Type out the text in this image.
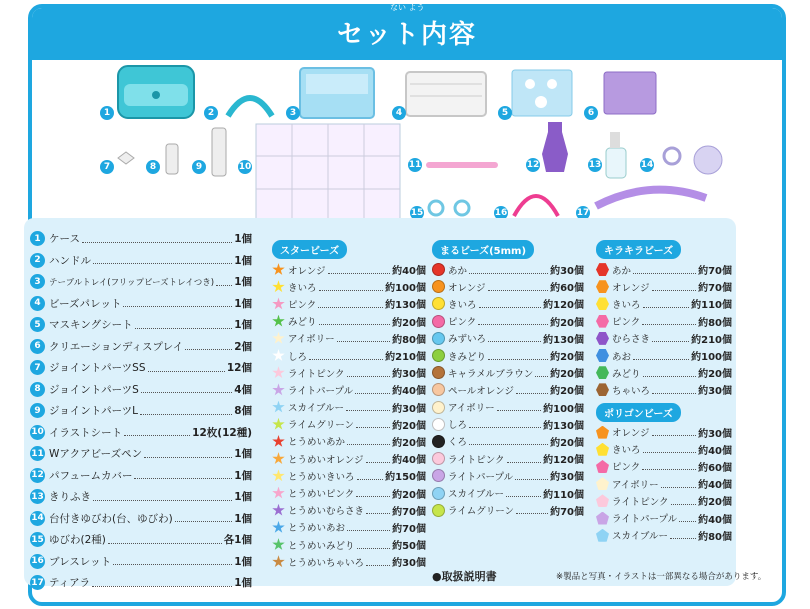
ない よう
セット内容
1	2	3	4	5	6
7	8	9	10	11	12	13	14
15	16	17
1 ケース	1個
2 ハンドル	1個
3 テーブルトレイ(フリップビーズトレイつき) 1個
4 ビーズパレット	1個
5 マスキングシート	1個
6 クリエーションディスプレイ	2個
7 ジョイントパーツSS	12個
8 ジョイントパーツS	4個
9 ジョイントパーツL	8個
10 イラストシート	12枚(12種)
11 Wアクアビーズペン	1個
12 パフュームカバー	1個
13 きりふき	1個
14 台付きゆびわ(台、ゆびわ)	1個
15 ゆびわ(2種)	各1個
16 ブレスレット	1個
17 ティアラ	1個
スタービーズ
オレンジ	約40個
きいろ	約100個
ピンク	約130個
みどり	約20個
アイボリー	約80個
しろ	約210個
ライトピンク	約30個
ライトパープル	約40個
スカイブルー	約30個
ライムグリーン	約20個
とうめいあか	約20個
とうめいオレンジ	約40個
とうめいきいろ	約150個
とうめいピンク	約20個
とうめいむらさき	約70個
とうめいあお	約70個
とうめいみどり	約50個
とうめいちゃいろ	約30個
まるビーズ(5mm)
あか	約30個
オレンジ	約60個
きいろ	約120個
ピンク	約20個
みずいろ	約130個
きみどり	約20個
キャラメルブラウン 約20個
ペールオレンジ	約20個
アイボリー	約100個
しろ	約130個
くろ	約20個
ライトピンク	約120個
ライトパープル	約30個
スカイブルー	約110個
ライムグリーン	約70個
キラキラビーズ
あか	約70個
オレンジ	約70個
きいろ	約110個
ピンク	約80個
むらさき	約210個
あお	約100個
みどり	約20個
ちゃいろ	約30個
ポリゴンビーズ
オレンジ	約30個
きいろ	約40個
ピンク	約60個
アイボリー	約40個
ライトピンク	約20個
ライトパープル 約40個
スカイブルー	約80個
●取扱説明書	※製品と写真・イラストは一部異なる場合があります。
